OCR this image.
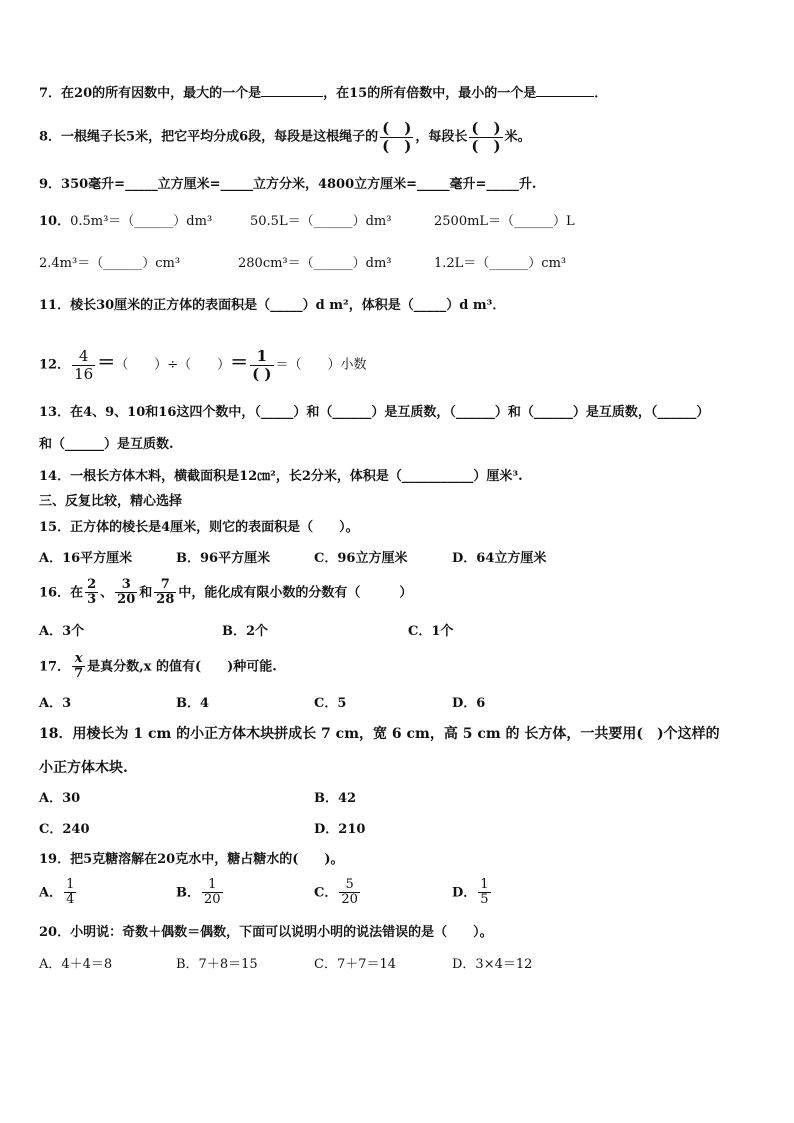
7．在20的所有因数中，最大的一个是	，在15的所有倍数中，最小的一个是	．
8．一根绳子长5米，把它平均分成6段，每段是这根绳子的 (　)
(　) ，每段长 (　)
(　) 米。
9．350毫升=_____立方厘米=_____立方分米，4800立方厘米=_____毫升=_____升.
10．0.5m³＝（______）dm³	50.5L＝（______）dm³	2500mL＝（______）L
2.4m³＝（______）cm³	280cm³＝（______）dm³	1.2L＝（______）cm³
11．棱长30厘米的正方体的表面积是（_____）d m²，体积是（_____）d m³．
12． $\frac{4}{16}$ ＝（　　）÷（　　）＝ 1
( ) ＝（　　）小数
13．在4、9、10和16这四个数中，（_____）和（______）是互质数，（______）和（______）是互质数，（______）
和（______）是互质数.
14．一根长方体木料，横截面积是12㎝²，长2分米，体积是（___________）厘米³.
三、反复比较，精心选择
15．正方体的棱长是4厘米，则它的表面积是（　　）。
A．16平方厘米	B．96平方厘米	C．96立方厘米	D．64立方厘米
16．在 $\frac{2}{3}$ 、 $\frac{3}{20}$ 和 $\frac{7}{28}$ 中，能化成有限小数的分数有（　　　）
A．3个	B．2个	C．1个
17． $\frac{x}{7}$ 是真分数,x 的值有(　　)种可能.
A．3	B．4	C．5	D．6
18．用棱长为 1 cm 的小正方体木块拼成长 7 cm，宽 6 cm，高 5 cm 的 长方体，一共要用(　)个这样的
小正方体木块.
A．30	B．42
C．240	D．210
19．把5克糖溶解在20克水中，糖占糖水的(　　)。
A． $\frac{1}{4}$	B． $\frac{1}{20}$	C． $\frac{5}{20}$	D． $\frac{1}{5}$
20．小明说：奇数＋偶数＝偶数，下面可以说明小明的说法错误的是（　　）。
A．4＋4＝8	B．7＋8＝15	C．7＋7＝14	D．3×4＝12
